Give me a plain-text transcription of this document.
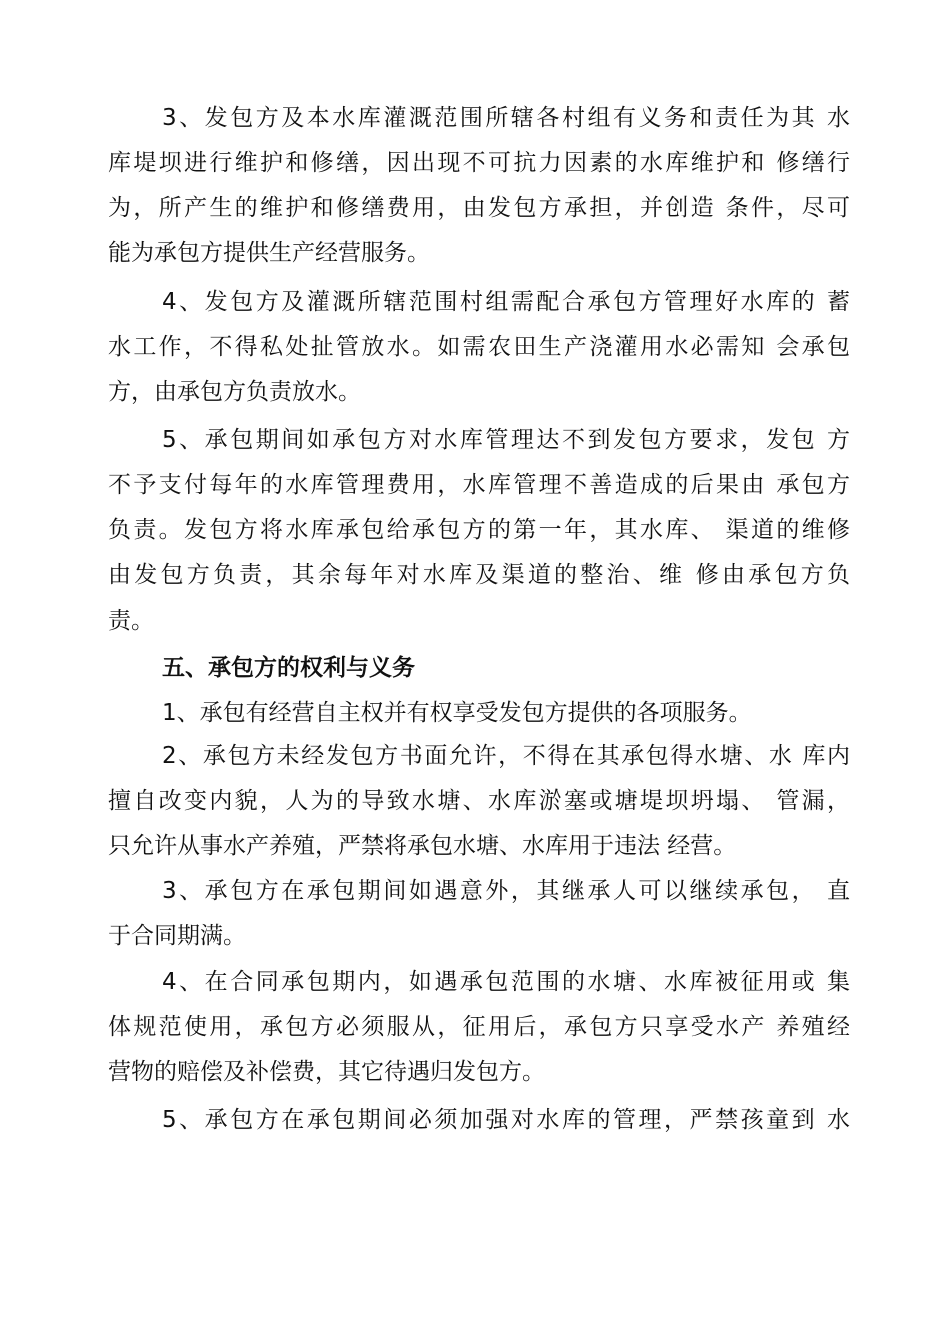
3、发包方及本水库灌溉范围所辖各村组有义务和责任为其 水
库堤坝进行维护和修缮，因出现不可抗力因素的水库维护和 修缮行
为，所产生的维护和修缮费用，由发包方承担，并创造 条件，尽可
能为承包方提供生产经营服务。
4、发包方及灌溉所辖范围村组需配合承包方管理好水库的 蓄
水工作，不得私处扯管放水。如需农田生产浇灌用水必需知 会承包
方，由承包方负责放水。
5、承包期间如承包方对水库管理达不到发包方要求，发包 方
不予支付每年的水库管理费用，水库管理不善造成的后果由 承包方
负责。发包方将水库承包给承包方的第一年，其水库、 渠道的维修
由发包方负责，其余每年对水库及渠道的整治、维 修由承包方负
责。
五、承包方的权利与义务
1、承包有经营自主权并有权享受发包方提供的各项服务。
2、承包方未经发包方书面允许，不得在其承包得水塘、水 库内
擅自改变内貌，人为的导致水塘、水库淤塞或塘堤坝坍塌、 管漏，
只允许从事水产养殖，严禁将承包水塘、水库用于违法 经营。
3、承包方在承包期间如遇意外，其继承人可以继续承包， 直
于合同期满。
4、在合同承包期内，如遇承包范围的水塘、水库被征用或 集
体规范使用，承包方必须服从，征用后，承包方只享受水产 养殖经
营物的赔偿及补偿费，其它待遇归发包方。
5、承包方在承包期间必须加强对水库的管理，严禁孩童到 水
